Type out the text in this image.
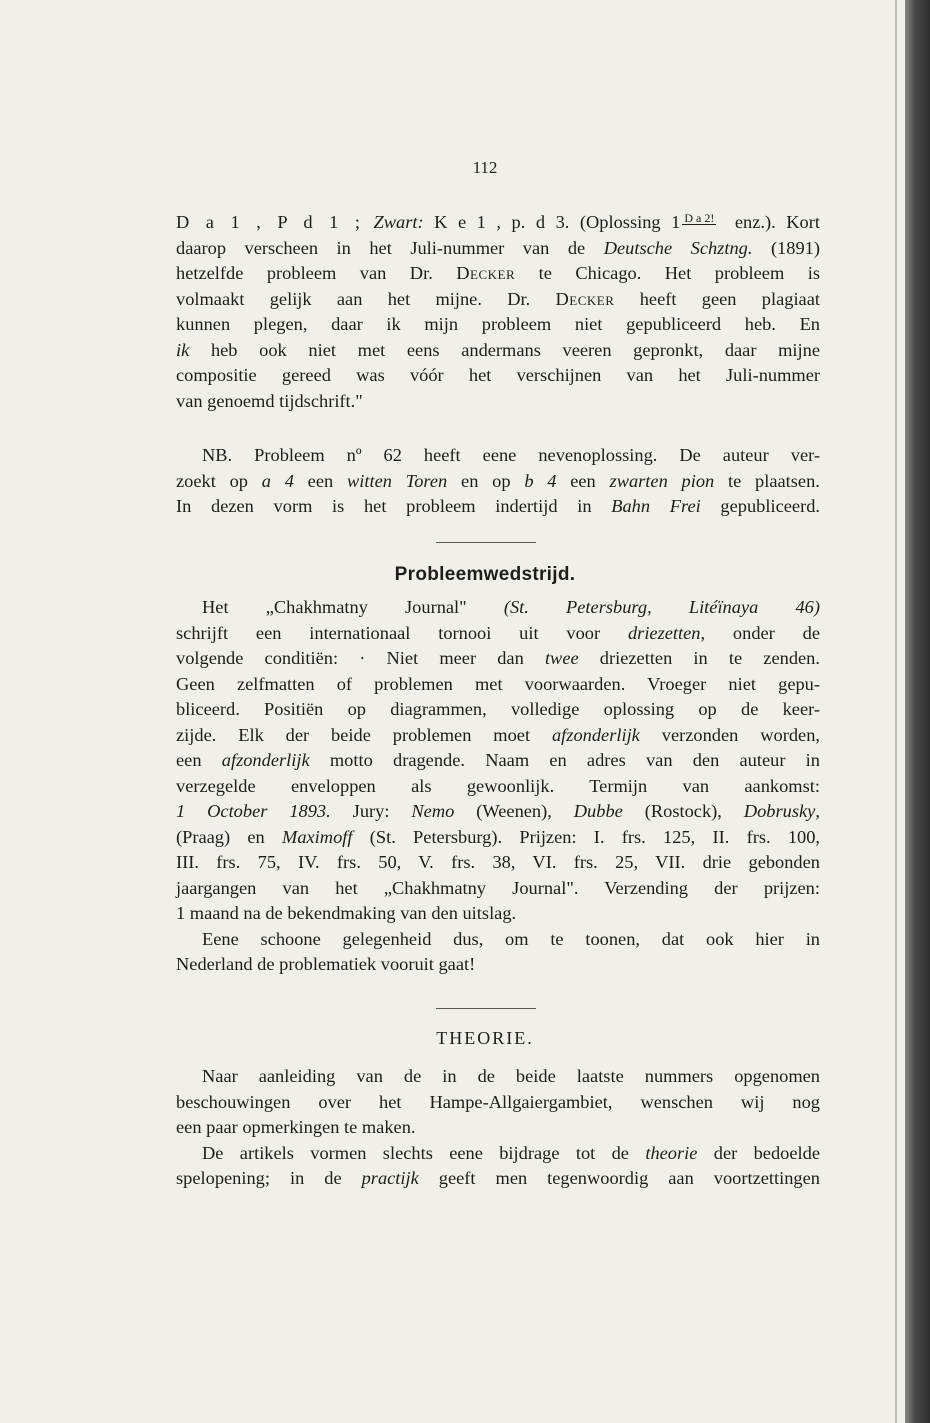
112
D a 1 , P d 1 ; Zwart: K e 1 , p. d 3. (Oplossing 1 D a 2! enz.). Kort
daarop verscheen in het Juli-nummer van de Deutsche Schztng. (1891)
hetzelfde probleem van Dr. Decker te Chicago. Het probleem is
volmaakt gelijk aan het mijne. Dr. Decker heeft geen plagiaat
kunnen plegen, daar ik mijn probleem niet gepubliceerd heb. En
ik heb ook niet met eens andermans veeren gepronkt, daar mijne
compositie gereed was vóór het verschijnen van het Juli-nummer
van genoemd tijdschrift."
NB. Probleem nº 62 heeft eene nevenoplossing. De auteur ver-
zoekt op a 4 een witten Toren en op b 4 een zwarten pion te plaatsen.
In dezen vorm is het probleem indertijd in Bahn Frei gepubliceerd.
Probleemwedstrijd.
Het „Chakhmatny Journal" (St. Petersburg, Litéïnaya 46)
schrijft een internationaal tornooi uit voor driezetten, onder de
volgende conditiën: · Niet meer dan twee driezetten in te zenden.
Geen zelfmatten of problemen met voorwaarden. Vroeger niet gepu-
bliceerd. Positiën op diagrammen, volledige oplossing op de keer-
zijde. Elk der beide problemen moet afzonderlijk verzonden worden,
een afzonderlijk motto dragende. Naam en adres van den auteur in
verzegelde enveloppen als gewoonlijk. Termijn van aankomst:
1 October 1893. Jury: Nemo (Weenen), Dubbe (Rostock), Dobrusky,
(Praag) en Maximoff (St. Petersburg). Prijzen: I. frs. 125, II. frs. 100,
III. frs. 75, IV. frs. 50, V. frs. 38, VI. frs. 25, VII. drie gebonden
jaargangen van het „Chakhmatny Journal". Verzending der prijzen:
1 maand na de bekendmaking van den uitslag.
Eene schoone gelegenheid dus, om te toonen, dat ook hier in
Nederland de problematiek vooruit gaat!
THEORIE.
Naar aanleiding van de in de beide laatste nummers opgenomen
beschouwingen over het Hampe-Allgaiergambiet, wenschen wij nog
een paar opmerkingen te maken.
De artikels vormen slechts eene bijdrage tot de theorie der bedoelde
spelopening; in de practijk geeft men tegenwoordig aan voortzettingen
